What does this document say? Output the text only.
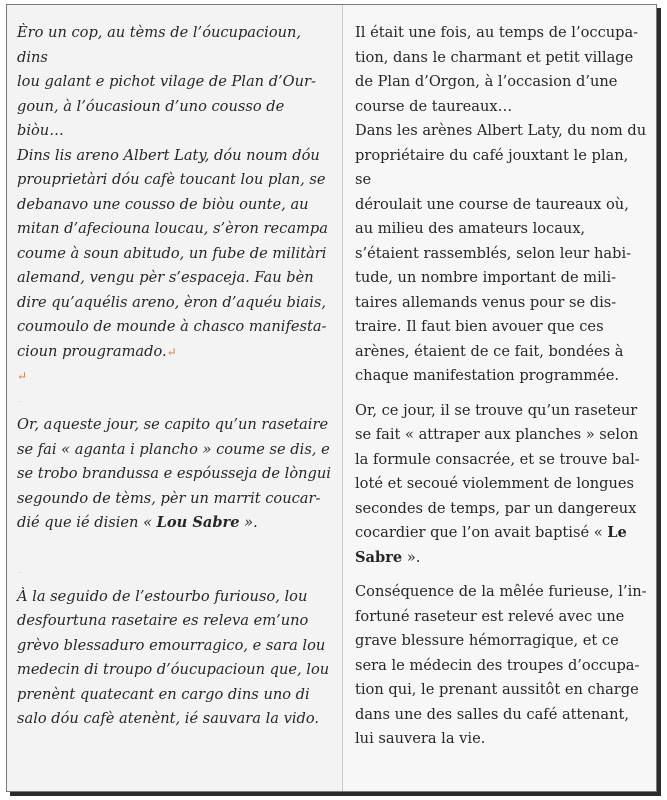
Èro un cop, au tèms de l’óucupacioun, dins
lou galant e pichot vilage de Plan d’Our-
goun, à l’óucasioun d’uno cousso de biòu…
Dins lis areno Albert Laty, dóu noum dóu
prouprietàri dóu cafè toucant lou plan, se
debanavo une cousso de biòu ounte, au
mitan d’afeciouna loucau, s’èron recampa
coume à soun abitudo, un fube de militàri
alemand, vengu pèr s’espaceja. Fau bèn
dire qu’aquélis areno, èron d’aquéu biais,
coumoulo de mounde à chasco manifesta-
cioun prougramado.↵

↵
.

Or, aqueste jour, se capito qu’un rasetaire
se fai « aganta i plancho » coume se dis, e
se trobo brandussa e espóusseja de lòngui
segoundo de tèms, pèr un marrit coucar-
dié que ié disien « Lou Sabre ».

.

À la seguido de l’estourbo furiouso, lou
desfourtuna rasetaire es releva em’uno
grèvo blessaduro emourragico, e sara lou
medecin di troupo d’óucupacioun que, lou
prenènt quatecant en cargo dins uno di
salo dóu cafè atenènt, ié sauvara la vido.

Il était une fois, au temps de l’occupa-
tion, dans le charmant et petit village
de Plan d’Orgon, à l’occasion d’une
course de taureaux…

Dans les arènes Albert Laty, du nom du
propriétaire du café jouxtant le plan, se
déroulait une course de taureaux où,
au milieu des amateurs locaux,
s’étaient rassemblés, selon leur habi-
tude, un nombre important de mili-
taires allemands venus pour se dis-
traire. Il faut bien avouer que ces
arènes, étaient de ce fait, bondées à
chaque manifestation programmée.

Or, ce jour, il se trouve qu’un raseteur
se fait « attraper aux planches » selon
la formule consacrée, et se trouve bal-
loté et secoué violemment de longues
secondes de temps, par un dangereux
cocardier que l’on avait baptisé « Le
Sabre ».

Conséquence de la mêlée furieuse, l’in-
fortuné raseteur est relevé avec une
grave blessure hémorragique, et ce
sera le médecin des troupes d’occupa-
tion qui, le prenant aussitôt en charge
dans une des salles du café attenant,
lui sauvera la vie.
